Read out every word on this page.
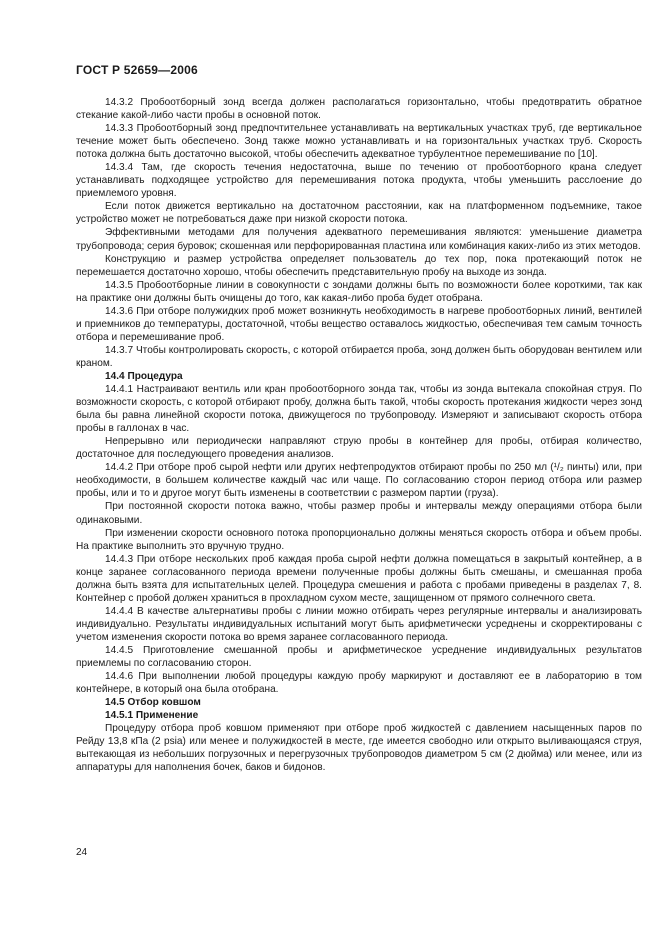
ГОСТ Р 52659—2006

14.3.2 Пробоотборный зонд всегда должен располагаться горизонтально, чтобы предотвратить обратное стекание какой-либо части пробы в основной поток.

14.3.3 Пробоотборный зонд предпочтительнее устанавливать на вертикальных участках труб, где вертикальное течение может быть обеспечено. Зонд также можно устанавливать и на горизонтальных участках труб. Скорость потока должна быть достаточно высокой, чтобы обеспечить адекватное турбулентное перемешивание по [10].

14.3.4 Там, где скорость течения недостаточна, выше по течению от пробоотборного крана следует устанавливать подходящее устройство для перемешивания потока продукта, чтобы уменьшить расслоение до приемлемого уровня.

Если поток движется вертикально на достаточном расстоянии, как на платформенном подъемнике, такое устройство может не потребоваться даже при низкой скорости потока.

Эффективными методами для получения адекватного перемешивания являются: уменьшение диаметра трубопровода; серия буровок; скошенная или перфорированная пластина или комбинация каких-либо из этих методов.

Конструкцию и размер устройства определяет пользователь до тех пор, пока протекающий поток не перемешается достаточно хорошо, чтобы обеспечить представительную пробу на выходе из зонда.

14.3.5 Пробоотборные линии в совокупности с зондами должны быть по возможности более короткими, так как на практике они должны быть очищены до того, как какая-либо проба будет отобрана.

14.3.6 При отборе полужидких проб может возникнуть необходимость в нагреве пробоотборных линий, вентилей и приемников до температуры, достаточной, чтобы вещество оставалось жидкостью, обеспечивая тем самым точность отбора и перемешивание проб.

14.3.7 Чтобы контролировать скорость, с которой отбирается проба, зонд должен быть оборудован вентилем или краном.

14.4 Процедура

14.4.1 Настраивают вентиль или кран пробоотборного зонда так, чтобы из зонда вытекала спокойная струя. По возможности скорость, с которой отбирают пробу, должна быть такой, чтобы скорость протекания жидкости через зонд была бы равна линейной скорости потока, движущегося по трубопроводу. Измеряют и записывают скорость отбора пробы в галлонах в час.

Непрерывно или периодически направляют струю пробы в контейнер для пробы, отбирая количество, достаточное для последующего проведения анализов.

14.4.2 При отборе проб сырой нефти или других нефтепродуктов отбирают пробы по 250 мл (¹/₂ пинты) или, при необходимости, в большем количестве каждый час или чаще. По согласованию сторон период отбора или размер пробы, или и то и другое могут быть изменены в соответствии с размером партии (груза).

При постоянной скорости потока важно, чтобы размер пробы и интервалы между операциями отбора были одинаковыми.

При изменении скорости основного потока пропорционально должны меняться скорость отбора и объем пробы. На практике выполнить это вручную трудно.

14.4.3 При отборе нескольких проб каждая проба сырой нефти должна помещаться в закрытый контейнер, а в конце заранее согласованного периода времени полученные пробы должны быть смешаны, и смешанная проба должна быть взята для испытательных целей. Процедура смешения и работа с пробами приведены в разделах 7, 8. Контейнер с пробой должен храниться в прохладном сухом месте, защищенном от прямого солнечного света.

14.4.4 В качестве альтернативы пробы с линии можно отбирать через регулярные интервалы и анализировать индивидуально. Результаты индивидуальных испытаний могут быть арифметически усреднены и скорректированы с учетом изменения скорости потока во время заранее согласованного периода.

14.4.5 Приготовление смешанной пробы и арифметическое усреднение индивидуальных результатов приемлемы по согласованию сторон.

14.4.6 При выполнении любой процедуры каждую пробу маркируют и доставляют ее в лабораторию в том контейнере, в который она была отобрана.

14.5 Отбор ковшом

14.5.1 Применение

Процедуру отбора проб ковшом применяют при отборе проб жидкостей с давлением насыщенных паров по Рейду 13,8 кПа (2 psia) или менее и полужидкостей в месте, где имеется свободно или открыто выливающаяся струя, вытекающая из небольших погрузочных и перегрузочных трубопроводов диаметром 5 см (2 дюйма) или менее, или из аппаратуры для наполнения бочек, баков и бидонов.

24
